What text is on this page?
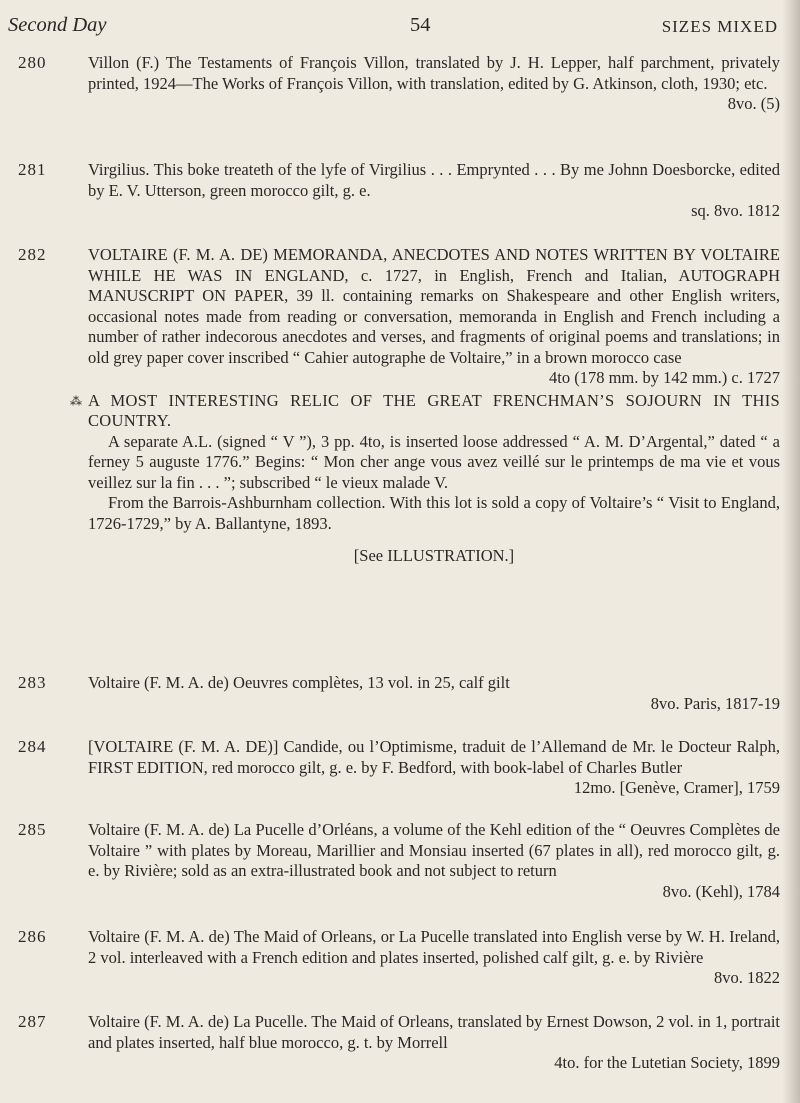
Second Day	54	SIZES MIXED
280	Villon (F.) The Testaments of François Villon, translated by J. H. Lepper, half parchment, privately printed, 1924—The Works of François Villon, with translation, edited by G. Atkinson, cloth, 1930; etc.

8vo. (5)

281	Virgilius. This boke treateth of the lyfe of Virgilius . . . Emprynted . . . By me Johnn Doesborcke, edited by E. V. Utterson, green morocco gilt, g. e.

sq. 8vo. 1812

282	VOLTAIRE (F. M. A. DE) MEMORANDA, ANECDOTES AND NOTES WRITTEN BY VOLTAIRE WHILE HE WAS IN ENGLAND, c. 1727, in English, French and Italian, AUTOGRAPH MANUSCRIPT ON PAPER, 39 ll. containing remarks on Shakespeare and other English writers, occasional notes made from reading or conversation, memoranda in English and French including a number of rather indecorous anecdotes and verses, and fragments of original poems and translations; in old grey paper cover inscribed “ Cahier autographe de Voltaire,” in a brown morocco case

4to (178 mm. by 142 mm.) c. 1727

⁂ A MOST INTERESTING RELIC OF THE GREAT FRENCHMAN’S SOJOURN IN THIS COUNTRY.

A separate A.L. (signed “ V ”), 3 pp. 4to, is inserted loose addressed “ A. M. D’Argental,” dated “ a ferney 5 auguste 1776.” Begins: “ Mon cher ange vous avez veillé sur le printemps de ma vie et vous veillez sur la fin . . . ”; subscribed “ le vieux malade V.

From the Barrois-Ashburnham collection. With this lot is sold a copy of Voltaire’s “ Visit to England, 1726-1729,” by A. Ballantyne, 1893.

[See ILLUSTRATION.]

283	Voltaire (F. M. A. de) Oeuvres complètes, 13 vol. in 25, calf gilt

8vo. Paris, 1817-19

284	[VOLTAIRE (F. M. A. DE)] Candide, ou l’Optimisme, traduit de l’Allemand de Mr. le Docteur Ralph, FIRST EDITION, red morocco gilt, g. e. by F. Bedford, with book-label of Charles Butler

12mo. [Genève, Cramer], 1759

285	Voltaire (F. M. A. de) La Pucelle d’Orléans, a volume of the Kehl edition of the “ Oeuvres Complètes de Voltaire ” with plates by Moreau, Marillier and Monsiau inserted (67 plates in all), red morocco gilt, g. e. by Rivière; sold as an extra-illustrated book and not subject to return

8vo. (Kehl), 1784

286	Voltaire (F. M. A. de) The Maid of Orleans, or La Pucelle translated into English verse by W. H. Ireland, 2 vol. interleaved with a French edition and plates inserted, polished calf gilt, g. e. by Rivière

8vo. 1822

287	Voltaire (F. M. A. de) La Pucelle. The Maid of Orleans, translated by Ernest Dowson, 2 vol. in 1, portrait and plates inserted, half blue morocco, g. t. by Morrell

4to. for the Lutetian Society, 1899
